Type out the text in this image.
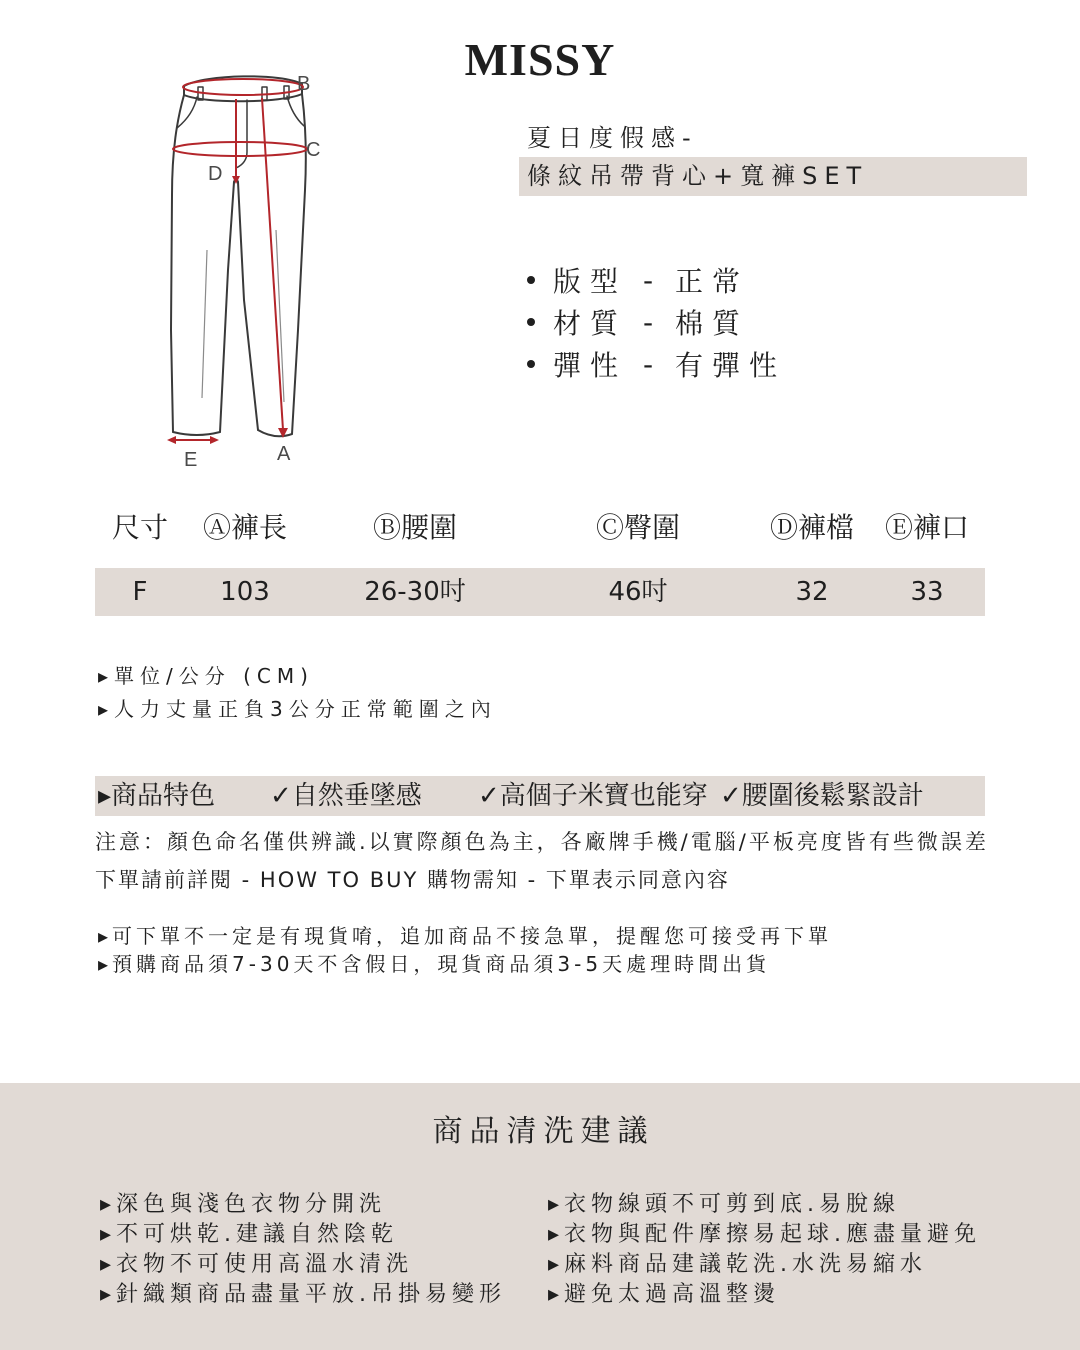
MISSY
B
C
D
E	A
夏日度假感-
條紋吊帶背心+寬褲SET
版型 - 正常
材質 - 棉質
彈性 - 有彈性
尺寸	Ⓐ褲長	Ⓑ腰圍	Ⓒ臀圍	Ⓓ褲檔	Ⓔ褲口
F	103	26-30吋	46吋	32	33
▸單位/公分 (CM)
▸人力丈量正負3公分正常範圍之內
▸商品特色 ✓自然垂墜感 ✓高個子米寶也能穿 ✓腰圍後鬆緊設計
注意：顏色命名僅供辨識.以實際顏色為主，各廠牌手機/電腦/平板亮度皆有些微誤差
下單請前詳閱 - HOW TO BUY 購物需知 - 下單表示同意內容
▸可下單不一定是有現貨唷，追加商品不接急單，提醒您可接受再下單
▸預購商品須7-30天不含假日，現貨商品須3-5天處理時間出貨
商品清洗建議
▸深色與淺色衣物分開洗
▸不可烘乾.建議自然陰乾
▸衣物不可使用高溫水清洗
▸針織類商品盡量平放.吊掛易變形
▸衣物線頭不可剪到底.易脫線
▸衣物與配件摩擦易起球.應盡量避免
▸麻料商品建議乾洗.水洗易縮水
▸避免太過高溫整燙
